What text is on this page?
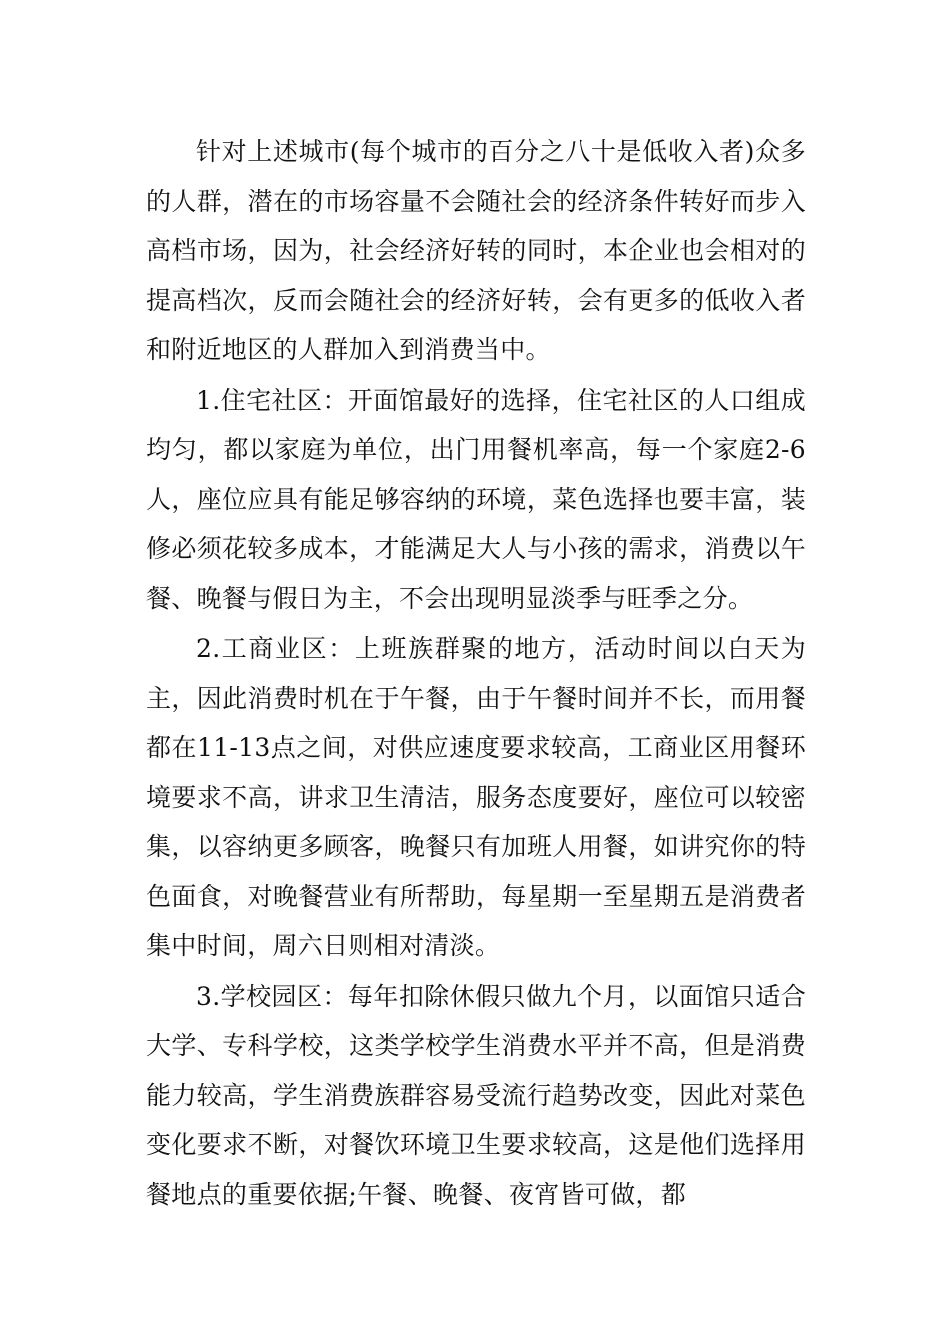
针对上述城市(每个城市的百分之八十是低收入者)众多的人群，潜在的市场容量不会随社会的经济条件转好而步入高档市场，因为，社会经济好转的同时，本企业也会相对的提高档次，反而会随社会的经济好转，会有更多的低收入者和附近地区的人群加入到消费当中。

1.住宅社区：开面馆最好的选择，住宅社区的人口组成均匀，都以家庭为单位，出门用餐机率高，每一个家庭2-6人，座位应具有能足够容纳的环境，菜色选择也要丰富，装修必须花较多成本，才能满足大人与小孩的需求，消费以午餐、晚餐与假日为主，不会出现明显淡季与旺季之分。

2.工商业区：上班族群聚的地方，活动时间以白天为主，因此消费时机在于午餐，由于午餐时间并不长，而用餐都在11-13点之间，对供应速度要求较高，工商业区用餐环境要求不高，讲求卫生清洁，服务态度要好，座位可以较密集，以容纳更多顾客，晚餐只有加班人用餐，如讲究你的特色面食，对晚餐营业有所帮助，每星期一至星期五是消费者集中时间，周六日则相对清淡。

3.学校园区：每年扣除休假只做九个月，以面馆只适合大学、专科学校，这类学校学生消费水平并不高，但是消费能力较高，学生消费族群容易受流行趋势改变，因此对菜色变化要求不断，对餐饮环境卫生要求较高，这是他们选择用餐地点的重要依据;午餐、晚餐、夜宵皆可做，都
